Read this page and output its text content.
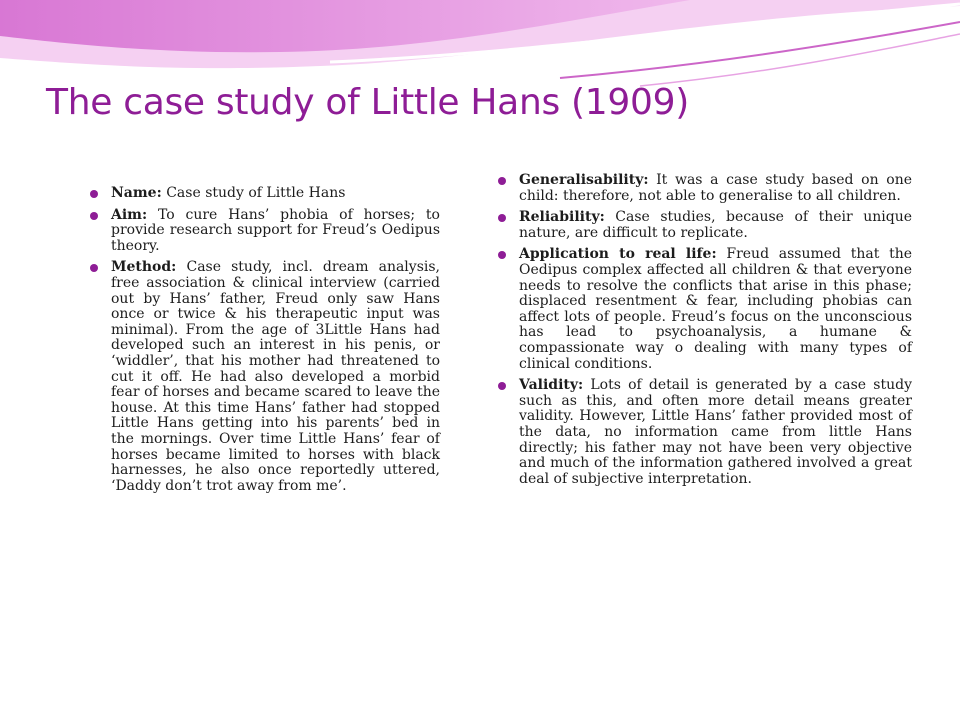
The case study of Little Hans (1909)
Name: Case study of Little Hans
Aim: To cure Hans’ phobia of horses; to provide research support for Freud’s Oedipus theory.
Method: Case study, incl. dream analysis, free association & clinical interview (carried out by Hans’ father, Freud only saw Hans once or twice & his therapeutic input was minimal). From the age of 3Little Hans had developed such an interest in his penis, or ‘widdler’, that his mother had threatened to cut it off. He had also developed a morbid fear of horses and became scared to leave the house. At this time Hans’ father had stopped Little Hans getting into his parents’ bed in the mornings. Over time Little Hans’ fear of horses became limited to horses with black harnesses, he also once reportedly uttered, ‘Daddy don’t trot away from me’.
Generalisability: It was a case study based on one child: therefore, not able to generalise to all children.
Reliability: Case studies, because of their unique nature, are difficult to replicate.
Application to real life: Freud assumed that the Oedipus complex affected all children & that everyone needs to resolve the conflicts that arise in this phase; displaced resentment & fear, including phobias can affect lots of people. Freud’s focus on the unconscious has lead to psychoanalysis, a humane & compassionate way o dealing with many types of clinical conditions.
Validity: Lots of detail is generated by a case study such as this, and often more detail means greater validity. However, Little Hans’ father provided most of the data, no information came from little Hans directly; his father may not have been very objective and much of the information gathered involved a great deal of subjective interpretation.
